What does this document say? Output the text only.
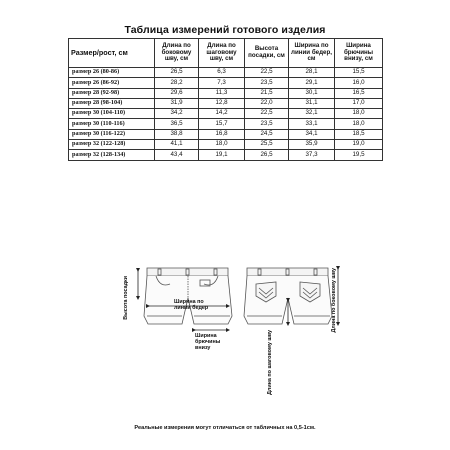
Таблица измерений готового изделия
Размер/рост, см	Длина по боковому шву, см	Длина по шаговому шву, см	Высота посадки, см	Ширина по линии бедер, см	Ширина брючины внизу, см
размер 26 (80-86)	26,5	6,3	22,5	28,1	15,5
размер 26 (86-92)	28,2	7,3	23,5	29,1	16,0
размер 28 (92-98)	29,6	11,3	21,5	30,1	16,5
размер 28 (98-104)	31,9	12,8	22,0	31,1	17,0
размер 30 (104-110)	34,2	14,2	22,5	32,1	18,0
размер 30 (110-116)	36,5	15,7	23,5	33,1	18,0
размер 30 (116-122)	38,8	16,8	24,5	34,1	18,5
размер 32 (122-128)	41,1	18,0	25,5	35,9	19,0
размер 32 (128-134)	43,4	19,1	26,5	37,3	19,5
Высота посадки	Ширина по
линии бедер
Ширина
брючины
внизу
Длина по боковому шву
Длина по шаговому шву
Реальные измерения могут отличаться от табличных на 0,5-1см.
